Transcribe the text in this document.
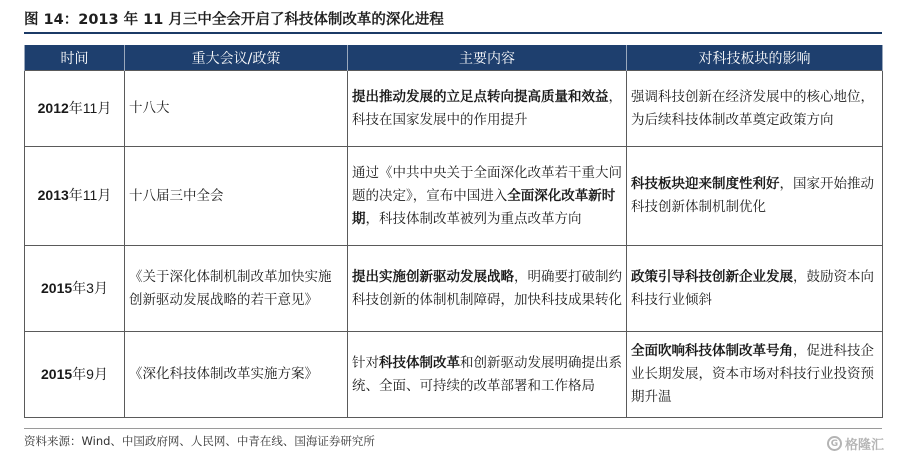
图 14：2013 年 11 月三中全会开启了科技体制改革的深化进程
时间	重大会议/政策	主要内容	对科技板块的影响
2012年11月	十八大	提出推动发展的立足点转向提高质量和效益，科技在国家发展中的作用提升	强调科技创新在经济发展中的核心地位，为后续科技体制改革奠定政策方向
2013年11月	十八届三中全会	通过《中共中央关于全面深化改革若干重大问题的决定》，宣布中国进入全面深化改革新时期，科技体制改革被列为重点改革方向	科技板块迎来制度性利好，国家开始推动科技创新体制机制优化
2015年3月	《关于深化体制机制改革加快实施创新驱动发展战略的若干意见》	提出实施创新驱动发展战略，明确要打破制约科技创新的体制机制障碍，加快科技成果转化	政策引导科技创新企业发展，鼓励资本向科技行业倾斜
2015年9月	《深化科技体制改革实施方案》	针对科技体制改革和创新驱动发展明确提出系统、全面、可持续的改革部署和工作格局	全面吹响科技体制改革号角，促进科技企业长期发展，资本市场对科技行业投资预期升温
资料来源：Wind、中国政府网、人民网、中青在线、国海证券研究所	G 格隆汇
